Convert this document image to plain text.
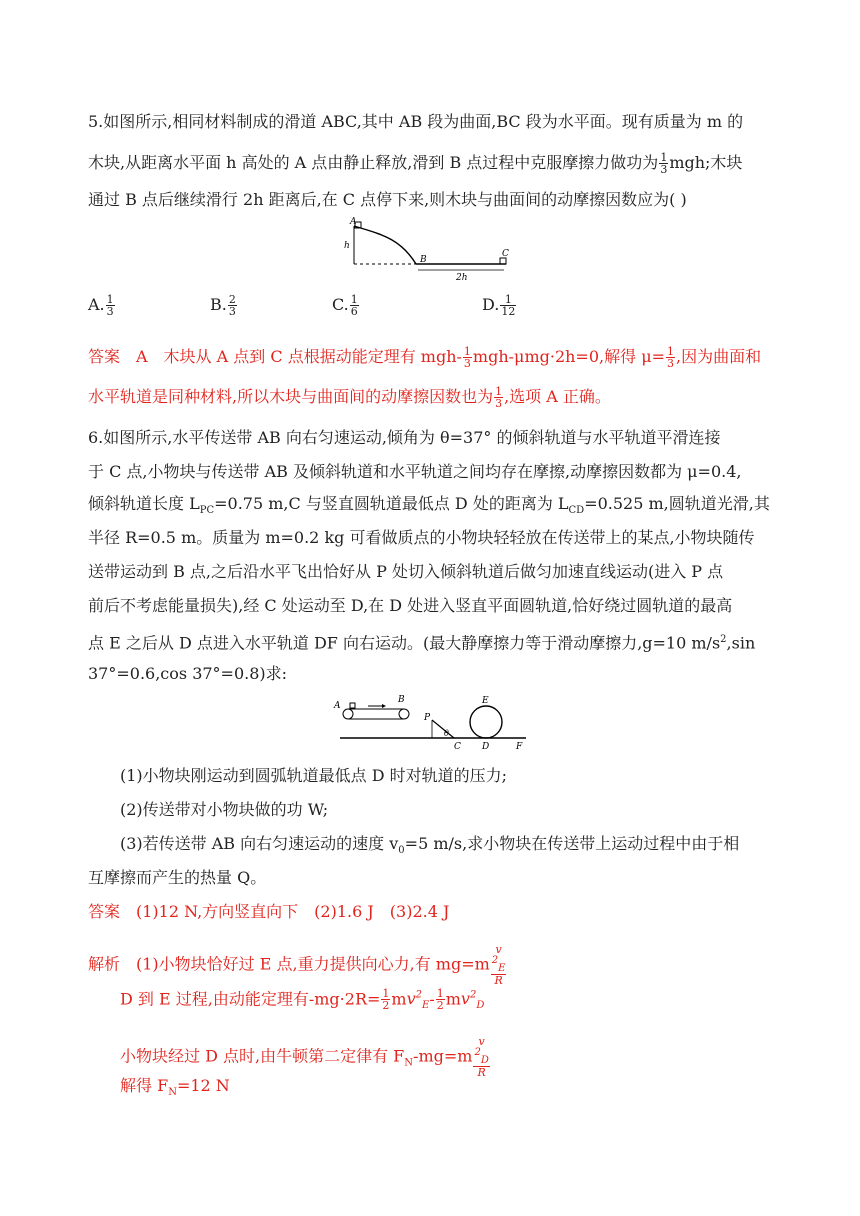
5.如图所示,相同材料制成的滑道 ABC,其中 AB 段为曲面,BC 段为水平面。现有质量为 m 的
木块,从距离水平面 h 高处的 A 点由静止释放,滑到 B 点过程中克服摩擦力做功为 $\frac{1}{3}$ mgh;木块
通过 B 点后继续滑行 2h 距离后,在 C 点停下来,则木块与曲面间的动摩擦因数应为( )
A
h
B
C
2h
A. $\frac{1}{3}$	B. $\frac{2}{3}$	C. $\frac{1}{6}$	D. $\frac{1}{12}$
答案　A　木块从 A 点到 C 点根据动能定理有 $mgh- \frac{1}{3} mgh-\mu mg\cdot 2h=0$,解得 $\mu= \frac{1}{3}$ ,因为曲面和
水平轨道是同种材料,所以木块与曲面间的动摩擦因数也为 $\frac{1}{3}$ ,选项 A 正确。
6.如图所示,水平传送带 AB 向右匀速运动,倾角为 θ=37° 的倾斜轨道与水平轨道平滑连接
于 C 点,小物块与传送带 AB 及倾斜轨道和水平轨道之间均存在摩擦,动摩擦因数都为 μ=0.4,
倾斜轨道长度 $L_{PC}=0.75$ m,C 与竖直圆轨道最低点 D 处的距离为 $L_{CD}=0.525$ m,圆轨道光滑,其
半径 R=0.5 m。质量为 m=0.2 kg 可看做质点的小物块轻轻放在传送带上的某点,小物块随传
送带运动到 B 点,之后沿水平飞出恰好从 P 处切入倾斜轨道后做匀加速直线运动(进入 P 点
前后不考虑能量损失),经 C 处运动至 D,在 D 处进入竖直平面圆轨道,恰好绕过圆轨道的最高
点 E 之后从 D 点进入水平轨道 DF 向右运动。(最大静摩擦力等于滑动摩擦力,g=10 $m/s^2,\sin$
37°=0.6,cos 37°=0.8)求:
A
B
P
θ
E
C D	F
(1)小物块刚运动到圆弧轨道最低点 D 时对轨道的压力;
(2)传送带对小物块做的功 W;
(3)若传送带 AB 向右匀速运动的速度 $v_0=5$ m/s,求小物块在传送带上运动过程中由于相
互摩擦而产生的热量 Q。
答案　(1)12 N,方向竖直向下　(2)1.6 J　(3)2.4 J
解析　(1)小物块恰好过 E 点,重力提供向心力,有 mg=m v
$^2_E$
R
D 到 E 过程,由动能定理有$-mg\cdot 2R= \frac{1}{2} mv^2_E- \frac{1}{2} mv^2_D$
小物块经过 D 点时,由牛顿第二定律有 $F_N-mg=m$ v
$^2_D$
R
解得 $F_N=12$ N
